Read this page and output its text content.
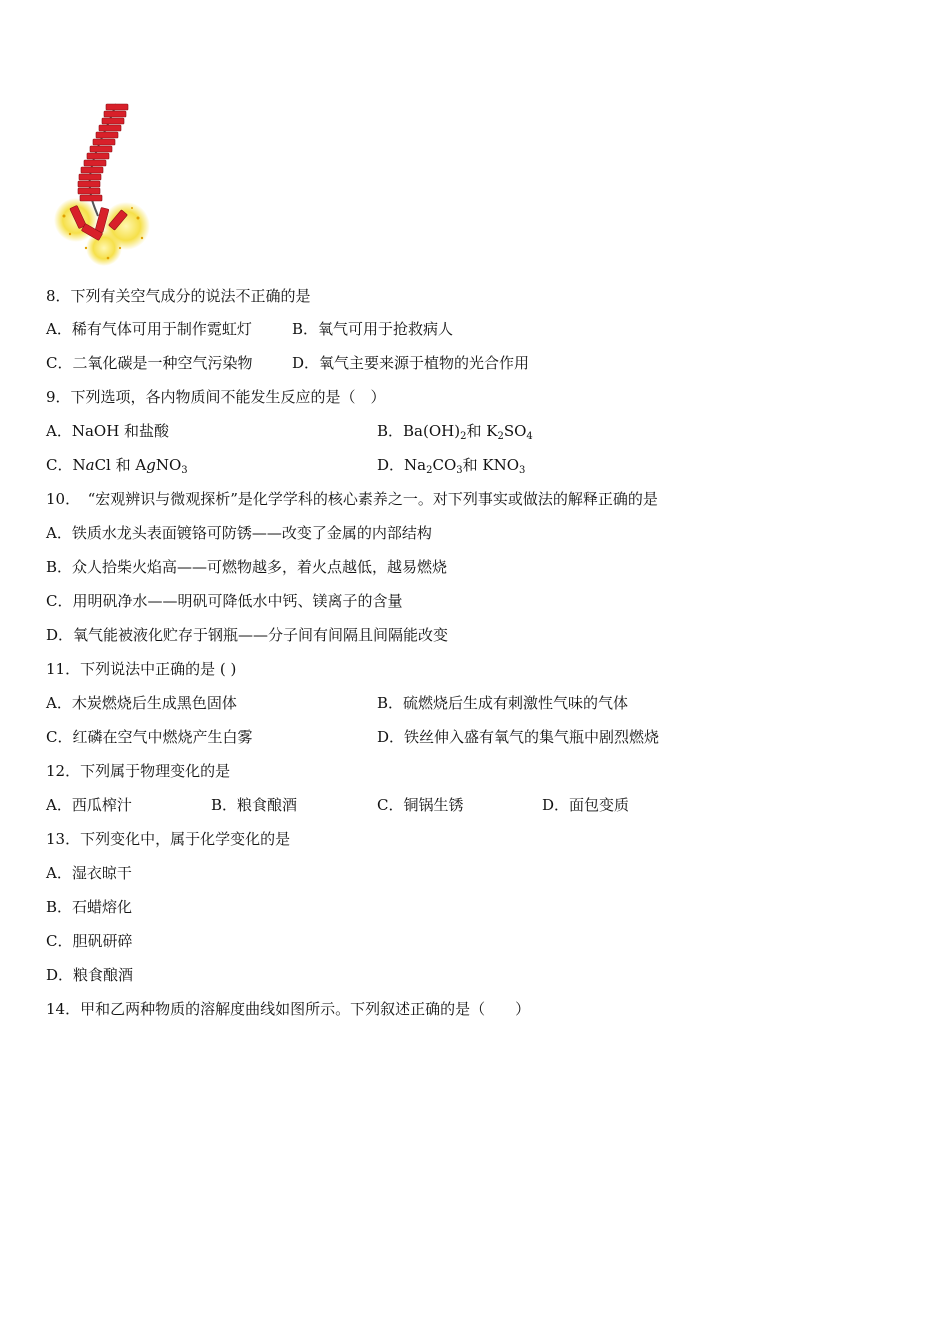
8．下列有关空气成分的说法不正确的是
A．稀有气体可用于制作霓虹灯	B．氧气可用于抢救病人
C．二氧化碳是一种空气污染物	D．氧气主要来源于植物的光合作用
9．下列选项，各内物质间不能发生反应的是（　）
A．NaOH 和盐酸	B．$Ba(OH)_2$和 $K_2SO_4$
C．NaCl 和 AgNO$_3$	D．$Na_2CO_3$和 $KNO_3$
10．　“宏观辨识与微观探析”是化学学科的核心素养之一。对下列事实或做法的解释正确的是
A．铁质水龙头表面镀铬可防锈——改变了金属的内部结构
B．众人拾柴火焰高——可燃物越多，着火点越低，越易燃烧
C．用明矾净水——明矾可降低水中钙、镁离子的含量
D．氧气能被液化贮存于钢瓶——分子间有间隔且间隔能改变
11．下列说法中正确的是 ( )
A．木炭燃烧后生成黑色固体	B．硫燃烧后生成有刺激性气味的气体
C．红磷在空气中燃烧产生白雾	D．铁丝伸入盛有氧气的集气瓶中剧烈燃烧
12．下列属于物理变化的是
A．西瓜榨汁	B．粮食酿酒	C．铜锅生锈	D．面包变质
13．下列变化中，属于化学变化的是
A．湿衣晾干
B．石蜡熔化
C．胆矾研碎
D．粮食酿酒
14．甲和乙两种物质的溶解度曲线如图所示。下列叙述正确的是（　　）
